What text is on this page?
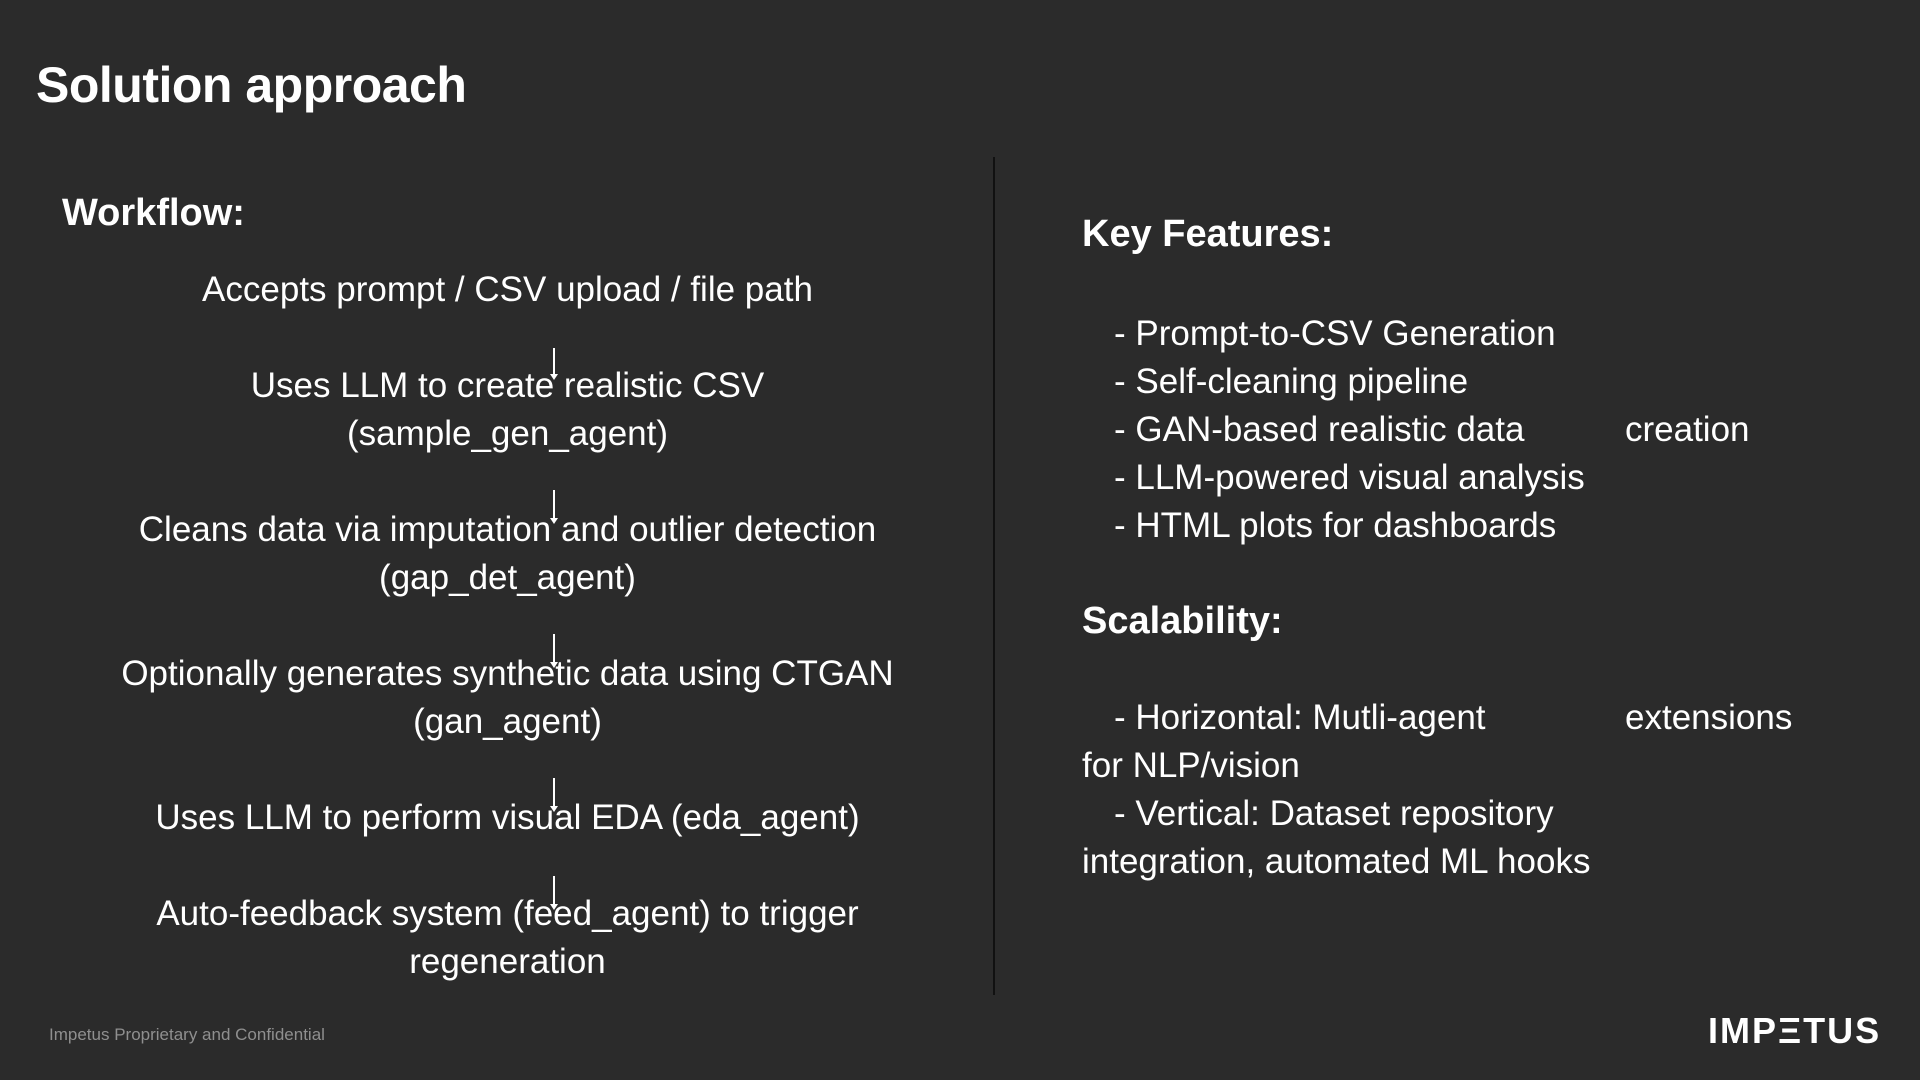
Solution approach
Workflow:
Accepts prompt / CSV upload / file path
Uses LLM to create realistic CSV
(sample_gen_agent)
Cleans data via imputation and outlier detection
(gap_det_agent)
Optionally generates synthetic data using CTGAN
(gan_agent)
Uses LLM to perform visual EDA (eda_agent)
Auto-feedback system (feed_agent) to trigger
regeneration
Key Features:
- Prompt-to-CSV Generation
- Self-cleaning pipeline
- GAN-based realistic data	creation
- LLM-powered visual analysis
- HTML plots for dashboards
Scalability:
- Horizontal: Mutli-agent	extensions
for NLP/vision
- Vertical: Dataset repository
integration, automated ML hooks
Impetus Proprietary and Confidential	IMPΞTUS
